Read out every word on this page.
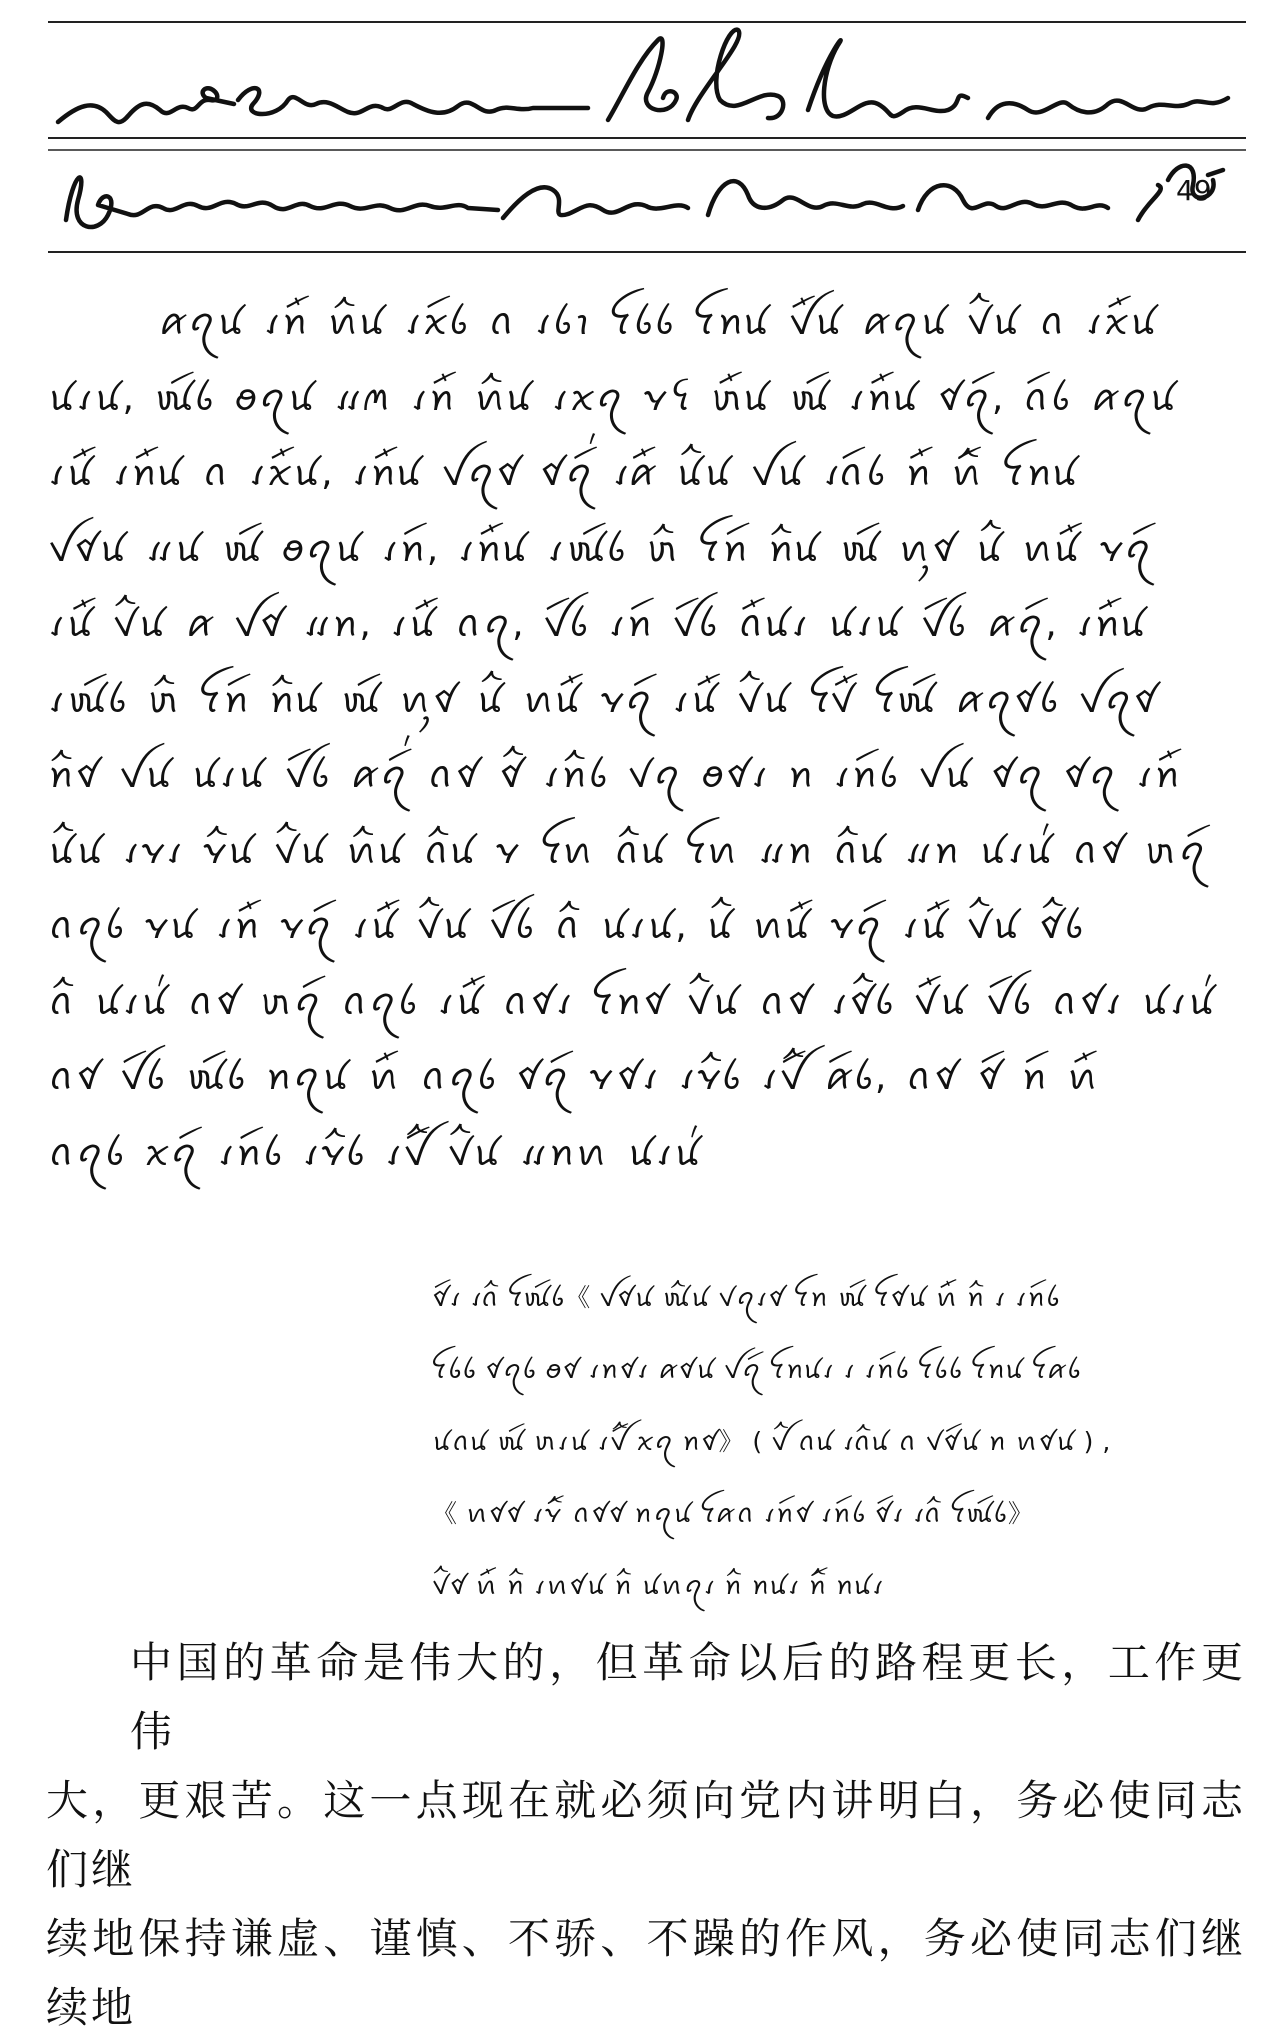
49
ꪁꪖꪙ ꪹꪀꪸ ꪕꪲꪙ ꪹꪎꪷꪉ ꪒ ꪹꪉꪱ ꪼꪉꪉ ꪼꪀꪙ ꪜꪸꪙ ꪁꪖꪙ ꪚꪲꪙ ꪒ ꪹꪎꪸꪙ
ꪙꪹꪙ, ꪘꪷꪉ ꪮꪖꪙ ꪵꪔ ꪹꪀꪸ ꪕꪲꪙ ꪹꪎꪖ ꪩꪺ ꪬꪸꪙ ꪘꪷ ꪹꪀꪸꪙ ꪥꪖꪷ, ꪒꪷꪉ ꪁꪖꪙ
ꪹꪙꪸ ꪹꪀꪸꪙ ꪒ ꪹꪎꪸꪙ, ꪹꪀꪸꪙ ꪜꪖꪥ ꪥꪖꪷ꪿ ꪹꪁꪸ ꪙꪲꪙ ꪜꪙ ꪹꪒꪷꪉ ꪀꪸ ꪕꪲꪷ ꪼꪀꪙ
ꪜꪥꪙ ꪵꪙ ꪘꪷ ꪮꪖꪙ ꪹꪀꪷ, ꪹꪀꪸꪙ ꪹꪘꪷꪉ ꪬꪲ ꪼꪀꪷ ꪀꪲꪙ ꪘꪷ ꪕꪴꪥ ꪙꪲ ꪕꪙꪸ ꪩꪖꪷ
ꪹꪙꪸ ꪚꪲꪙ ꪁ ꪜꪥ ꪵꪀ, ꪹꪙꪸ ꪒꪖ, ꪜꪷꪉ ꪹꪀꪷ ꪜꪷꪉ ꪒꪸꪙꪹ ꪙꪹꪙ ꪜꪷꪉ ꪁꪖꪷ, ꪹꪀꪸꪙ
ꪹꪘꪷꪉ ꪬꪲ ꪼꪀꪷ ꪀꪲꪙ ꪘꪷ ꪕꪴꪥ ꪙꪲ ꪕꪙꪸ ꪩꪖꪷ ꪹꪙꪸ ꪚꪲꪙ ꪼꪚꪸ ꪼꪘꪷ ꪁꪖꪥꪉ ꪜꪖꪥ
ꪀꪲꪥ ꪜꪙ ꪙꪹꪙ ꪜꪷꪉ ꪁꪖꪷ꪿ ꪒꪥ ꪥꪲ ꪹꪀꪲꪉ ꪚꪖ ꪮꪥꪹ ꪀ ꪹꪀꪷꪉ ꪜꪙ ꪥꪖ ꪥꪖ ꪹꪀꪸ
ꪙꪲꪙ ꪹꪩꪹ ꪩꪲꪙ ꪚꪲꪙ ꪕꪲꪙ ꪒꪲꪙ ꪩ ꪼꪕ ꪒꪲꪙ ꪼꪕ ꪵꪀ ꪒꪲꪙ ꪵꪀ ꪙꪹꪙ꪿ ꪒꪥ ꪬꪖꪷ
ꪒꪖꪉ ꪩꪙ ꪹꪀꪸ ꪩꪖꪷ ꪹꪙꪸ ꪚꪲꪙ ꪜꪷꪉ ꪒꪲ ꪙꪹꪙ, ꪙꪲ ꪕꪙꪸ ꪩꪖꪷ ꪹꪙꪸ ꪚꪲꪙ ꪥꪲꪉ
ꪒꪲ ꪙꪹꪙ꪿ ꪒꪥ ꪬꪖꪷ ꪒꪖꪉ ꪹꪙꪸ ꪒꪥꪹ ꪼꪀꪥ ꪚꪲꪙ ꪒꪥ ꪹꪥꪲꪉ ꪚꪸꪙ ꪜꪷꪉ ꪒꪥꪹ ꪙꪹꪙ꪿
ꪒꪥ ꪜꪷꪉ ꪘꪷꪉ ꪀꪖꪙ ꪕꪸ ꪒꪖꪉ ꪥꪖꪷ ꪩꪥꪹ ꪹꪩꪲꪉ ꪹꪜꪲꪷ ꪁꪷꪉ, ꪒꪥ ꪥꪷ ꪀꪷ ꪕꪸ
ꪒꪖꪉ ꪎꪖꪷ ꪹꪀꪷꪉ ꪹꪩꪲꪉ ꪹꪜꪲꪷ ꪚꪲꪙ ꪵꪀꪕ ꪙꪹꪙ꪿
ꪥꪷꪹ ꪹꪒꪲ ꪼꪘꪷꪉ《 ꪜꪥꪙ ꪘꪲꪙ ꪚꪖꪹꪥ ꪼꪀ ꪘꪷ ꪼꪥꪙ ꪕꪸꪷ ꪀꪲ ꪹ ꪹꪀꪷꪉ
ꪼꪉꪉ ꪥꪖꪉ ꪮꪥ ꪹꪀꪥꪹ ꪁꪥꪙ ꪜꪖꪷ ꪼꪀꪙꪹ ꪹ ꪹꪀꪷꪉ ꪼꪉꪉ ꪼꪀꪙ ꪼꪁꪉ
ꪙꪒꪙ ꪘꪷ ꪬꪹꪙ ꪹꪜꪲꪷ ꪎꪖ ꪀꪥ》 ( ꪜꪲ ꪒꪙ ꪹꪒꪲꪙ ꪒ ꪚꪥꪷꪙ ꪀ ꪕꪥꪙ ) ,
《 ꪕꪥꪥ ꪹꪩꪲꪷ ꪒꪥꪥ ꪀꪖꪙ ꪼꪁꪒ ꪹꪀꪷꪥ ꪹꪀꪷꪉ ꪥꪷꪹ ꪹꪒꪲ ꪼꪘꪷꪉ》
ꪚꪲꪥ ꪕꪸꪷ ꪀꪲ ꪹꪕꪥꪙ ꪀꪲ ꪙꪕꪖꪹ ꪀꪲ ꪀꪙꪹ ꪀꪲꪷ ꪀꪙꪹ
中国的革命是伟大的，但革命以后的路程更长，工作更伟
大，更艰苦。这一点现在就必须向党内讲明白，务必使同志们继
续地保持谦虚、谨慎、不骄、不躁的作风，务必使同志们继续地
